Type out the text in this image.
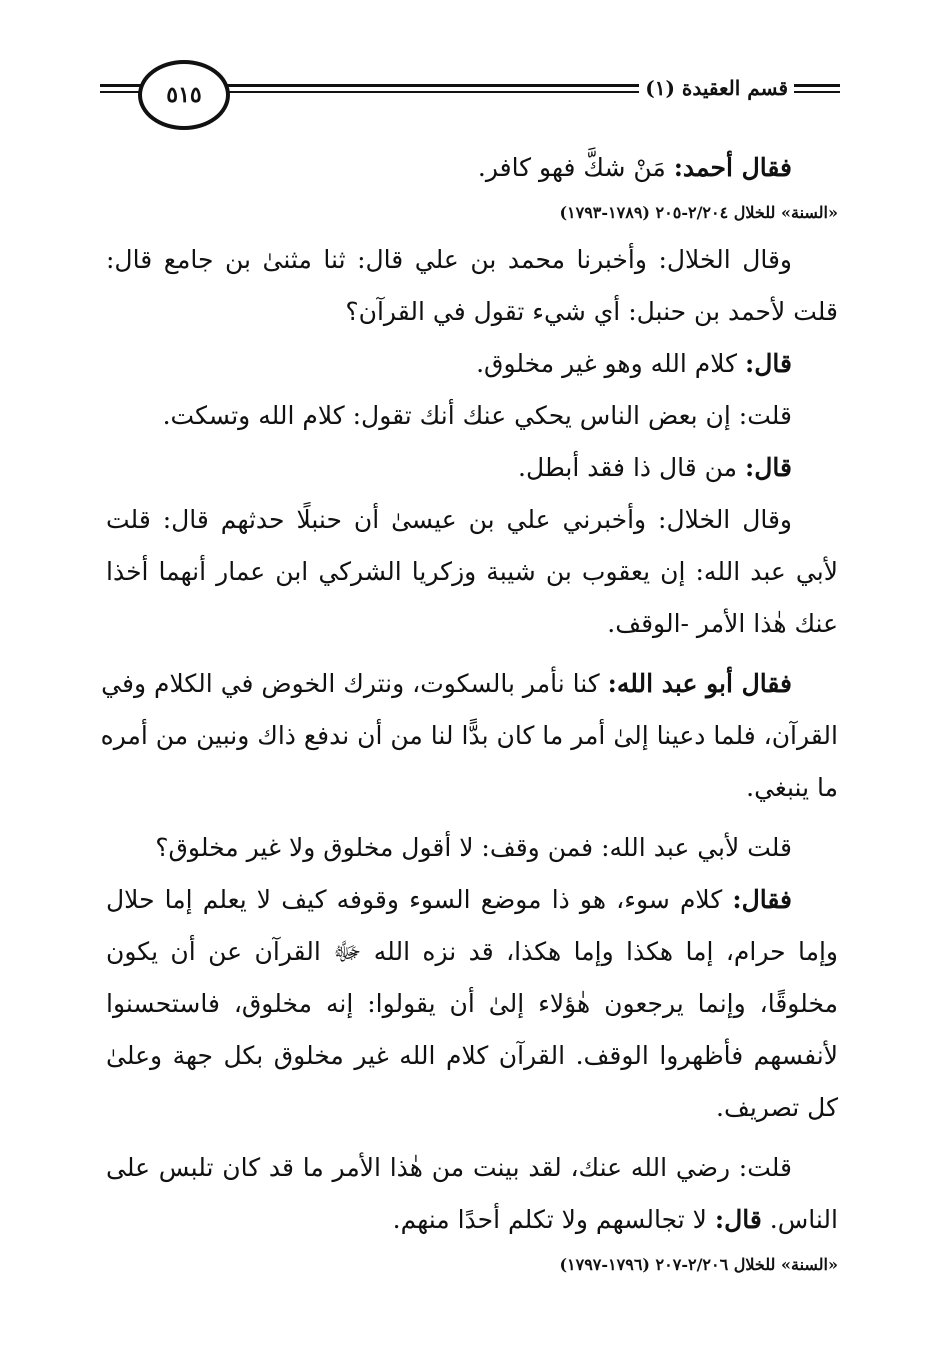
قسم العقيدة (١)
٥١٥

فقال أحمد: مَنْ شكَّ فهو كافر.

«السنة» للخلال ٢/٢٠٤-٢٠٥ (١٧٨٩-١٧٩٣)

وقال الخلال: وأخبرنا محمد بن علي قال: ثنا مثنىٰ بن جامع قال:

قلت لأحمد بن حنبل: أي شيء تقول في القرآن؟

قال: كلام الله وهو غير مخلوق.

قلت: إن بعض الناس يحكي عنك أنك تقول: كلام الله وتسكت.

قال: من قال ذا فقد أبطل.

وقال الخلال: وأخبرني علي بن عيسىٰ أن حنبلًا حدثهم قال: قلت

لأبي عبد الله: إن يعقوب بن شيبة وزكريا الشركي ابن عمار أنهما أخذا

عنك هٰذا الأمر -الوقف.

فقال أبو عبد الله: كنا نأمر بالسكوت، ونترك الخوض في الكلام وفي

القرآن، فلما دعينا إلىٰ أمر ما كان بدًّا لنا من أن ندفع ذاك ونبين من أمره

ما ينبغي.

قلت لأبي عبد الله: فمن وقف: لا أقول مخلوق ولا غير مخلوق؟

فقال: كلام سوء، هو ذا موضع السوء وقوفه كيف لا يعلم إما حلال

وإما حرام، إما هكذا وإما هكذا، قد نزه الله ﷻ القرآن عن أن يكون

مخلوقًا، وإنما يرجعون هٰؤلاء إلىٰ أن يقولوا: إنه مخلوق، فاستحسنوا

لأنفسهم فأظهروا الوقف. القرآن كلام الله غير مخلوق بكل جهة وعلىٰ

كل تصريف.

قلت: رضي الله عنك، لقد بينت من هٰذا الأمر ما قد كان تلبس على

الناس. قال: لا تجالسهم ولا تكلم أحدًا منهم.

«السنة» للخلال ٢/٢٠٦-٢٠٧ (١٧٩٦-١٧٩٧)
